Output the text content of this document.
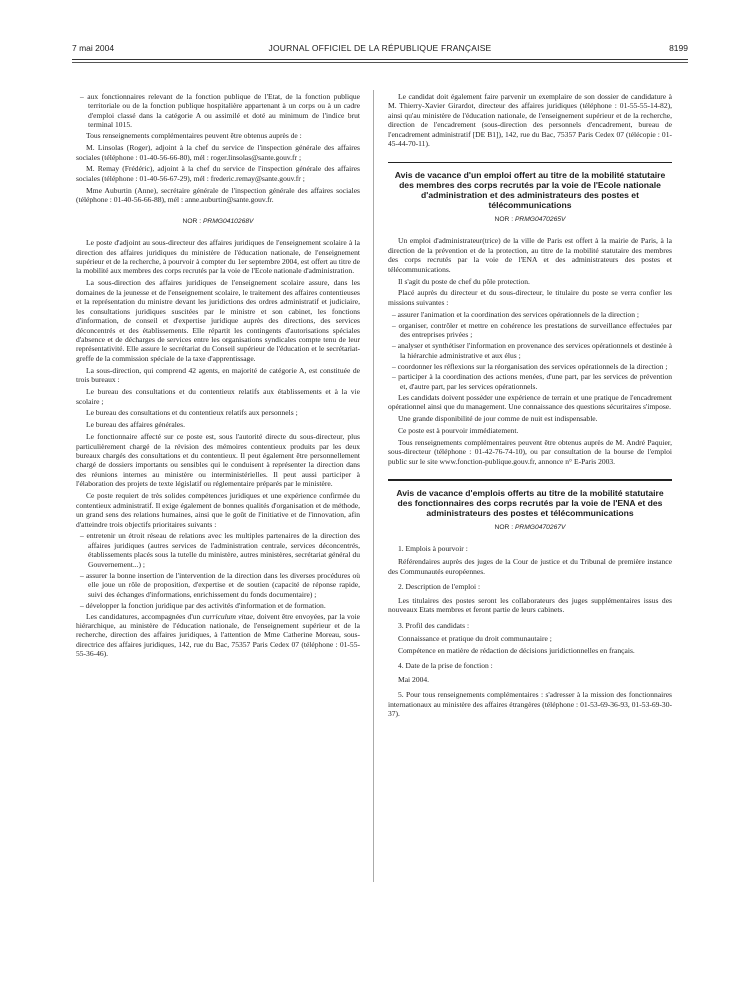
7 mai 2004	JOURNAL OFFICIEL DE LA RÉPUBLIQUE FRANÇAISE	8199

– aux fonctionnaires relevant de la fonction publique de l'Etat, de la fonction publique territoriale ou de la fonction publique hospitalière appartenant à un corps ou à un cadre d'emploi classé dans la catégorie A ou assimilé et doté au minimum de l'indice brut terminal 1015.

Tous renseignements complémentaires peuvent être obtenus auprès de :

M. Linsolas (Roger), adjoint à la chef du service de l'inspection générale des affaires sociales (téléphone : 01-40-56-66-80), mél : roger.linsolas@sante.gouv.fr ;

M. Remay (Frédéric), adjoint à la chef du service de l'inspection générale des affaires sociales (téléphone : 01-40-56-67-29), mél : frederic.remay@sante.gouv.fr ;

Mme Auburtin (Anne), secrétaire générale de l'inspection générale des affaires sociales (téléphone : 01-40-56-66-88), mél : anne.auburtin@sante.gouv.fr.

NOR : PRMG0410268V

Le poste d'adjoint au sous-directeur des affaires juridiques de l'enseignement scolaire à la direction des affaires juridiques du ministère de l'éducation nationale, de l'enseignement supérieur et de la recherche, à pourvoir à compter du 1er septembre 2004, est offert au titre de la mobilité aux membres des corps recrutés par la voie de l'Ecole nationale d'administration.

La sous-direction des affaires juridiques de l'enseignement scolaire assure, dans les domaines de la jeunesse et de l'enseignement scolaire, le traitement des affaires contentieuses et la représentation du ministre devant les juridictions des ordres administratif et judiciaire, les consultations juridiques suscitées par le ministre et son cabinet, les fonctions d'information, de conseil et d'expertise juridique auprès des directions, des services déconcentrés et des établissements. Elle répartit les contingents d'autorisations spéciales d'absence et de décharges de services entre les organisations syndicales compte tenu de leur représentativité. Elle assure le secrétariat du Conseil supérieur de l'éducation et le secrétariat-greffe de la commission spéciale de la taxe d'apprentissage.

La sous-direction, qui comprend 42 agents, en majorité de catégorie A, est constituée de trois bureaux :

Le bureau des consultations et du contentieux relatifs aux établissements et à la vie scolaire ;

Le bureau des consultations et du contentieux relatifs aux personnels ;

Le bureau des affaires générales.

Le fonctionnaire affecté sur ce poste est, sous l'autorité directe du sous-directeur, plus particulièrement chargé de la révision des mémoires contentieux produits par les deux bureaux chargés des consultations et du contentieux. Il peut également être personnellement chargé de dossiers importants ou sensibles qui le conduisent à représenter la direction dans des réunions internes au ministère ou interministérielles. Il peut aussi participer à l'élaboration des projets de texte législatif ou réglementaire préparés par le ministère.

Ce poste requiert de très solides compétences juridiques et une expérience confirmée du contentieux administratif. Il exige également de bonnes qualités d'organisation et de méthode, un grand sens des relations humaines, ainsi que le goût de l'initiative et de l'innovation, afin d'atteindre trois objectifs prioritaires suivants :

– entretenir un étroit réseau de relations avec les multiples partenaires de la direction des affaires juridiques (autres services de l'administration centrale, services déconcentrés, établissements placés sous la tutelle du ministère, autres ministères, secrétariat général du Gouvernement...) ;

– assurer la bonne insertion de l'intervention de la direction dans les diverses procédures où elle joue un rôle de proposition, d'expertise et de soutien (capacité de réponse rapide, suivi des échanges d'informations, enrichissement du fonds documentaire) ;

– développer la fonction juridique par des activités d'information et de formation.

Les candidatures, accompagnées d'un curriculum vitae, doivent être envoyées, par la voie hiérarchique, au ministère de l'éducation nationale, de l'enseignement supérieur et de la recherche, direction des affaires juridiques, à l'attention de Mme Catherine Moreau, sous-directrice des affaires juridiques, 142, rue du Bac, 75357 Paris Cedex 07 (téléphone : 01-55-55-36-46).

Le candidat doit également faire parvenir un exemplaire de son dossier de candidature à M. Thierry-Xavier Girardot, directeur des affaires juridiques (téléphone : 01-55-55-14-82), ainsi qu'au ministère de l'éducation nationale, de l'enseignement supérieur et de la recherche, direction de l'encadrement (sous-direction des personnels d'encadrement, bureau de l'encadrement administratif [DE B1]), 142, rue du Bac, 75357 Paris Cedex 07 (télécopie : 01-45-44-70-11).

Avis de vacance d'un emploi offert au titre de la mobilité statutaire des membres des corps recrutés par la voie de l'Ecole nationale d'administration et des administrateurs des postes et télécommunications
NOR : PRMG0470265V

Un emploi d'administrateur(trice) de la ville de Paris est offert à la mairie de Paris, à la direction de la prévention et de la protection, au titre de la mobilité statutaire des membres des corps recrutés par la voie de l'ENA et des administrateurs des postes et télécommunications.

Il s'agit du poste de chef du pôle protection.

Placé auprès du directeur et du sous-directeur, le titulaire du poste se verra confier les missions suivantes :

– assurer l'animation et la coordination des services opérationnels de la direction ;

– organiser, contrôler et mettre en cohérence les prestations de surveillance effectuées par des entreprises privées ;

– analyser et synthétiser l'information en provenance des services opérationnels et destinée à la hiérarchie administrative et aux élus ;

– coordonner les réflexions sur la réorganisation des services opérationnels de la direction ;

– participer à la coordination des actions menées, d'une part, par les services de prévention et, d'autre part, par les services opérationnels.

Les candidats doivent posséder une expérience de terrain et une pratique de l'encadrement opérationnel ainsi que du management. Une connaissance des questions sécuritaires s'impose.

Une grande disponibilité de jour comme de nuit est indispensable.

Ce poste est à pourvoir immédiatement.

Tous renseignements complémentaires peuvent être obtenus auprès de M. André Paquier, sous-directeur (téléphone : 01-42-76-74-10), ou par consultation de la bourse de l'emploi public sur le site www.fonction-publique.gouv.fr, annonce n° E-Paris 2003.

Avis de vacance d'emplois offerts au titre de la mobilité statutaire des fonctionnaires des corps recrutés par la voie de l'ENA et des administrateurs des postes et télécommunications
NOR : PRMG0470267V

1. Emplois à pourvoir :

Référendaires auprès des juges de la Cour de justice et du Tribunal de première instance des Communautés européennes.

2. Description de l'emploi :

Les titulaires des postes seront les collaborateurs des juges supplémentaires issus des nouveaux Etats membres et feront partie de leurs cabinets.

3. Profil des candidats :

Connaissance et pratique du droit communautaire ;

Compétence en matière de rédaction de décisions juridictionnelles en français.

4. Date de la prise de fonction :

Mai 2004.

5. Pour tous renseignements complémentaires : s'adresser à la mission des fonctionnaires internationaux au ministère des affaires étrangères (téléphone : 01-53-69-36-93, 01-53-69-30-37).
